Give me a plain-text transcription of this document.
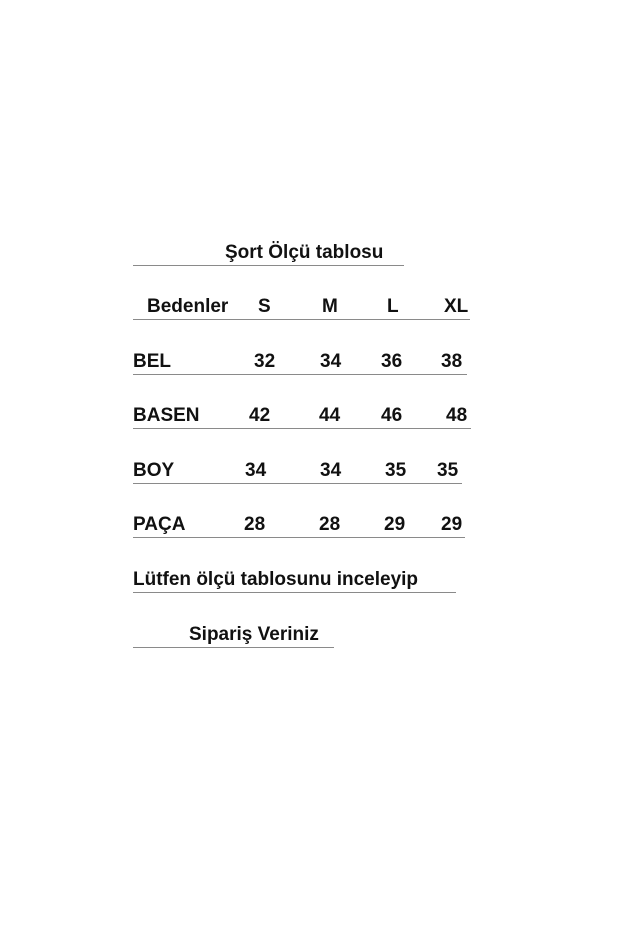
Şort Ölçü tablosu
Bedenler S	M	L XL
BEL	32 34 36 38
BASEN	42	44 46 48
BOY	34	34 35 35
PAÇA	28	28 29 29
Lütfen ölçü tablosunu inceleyip
Sipariş Veriniz
